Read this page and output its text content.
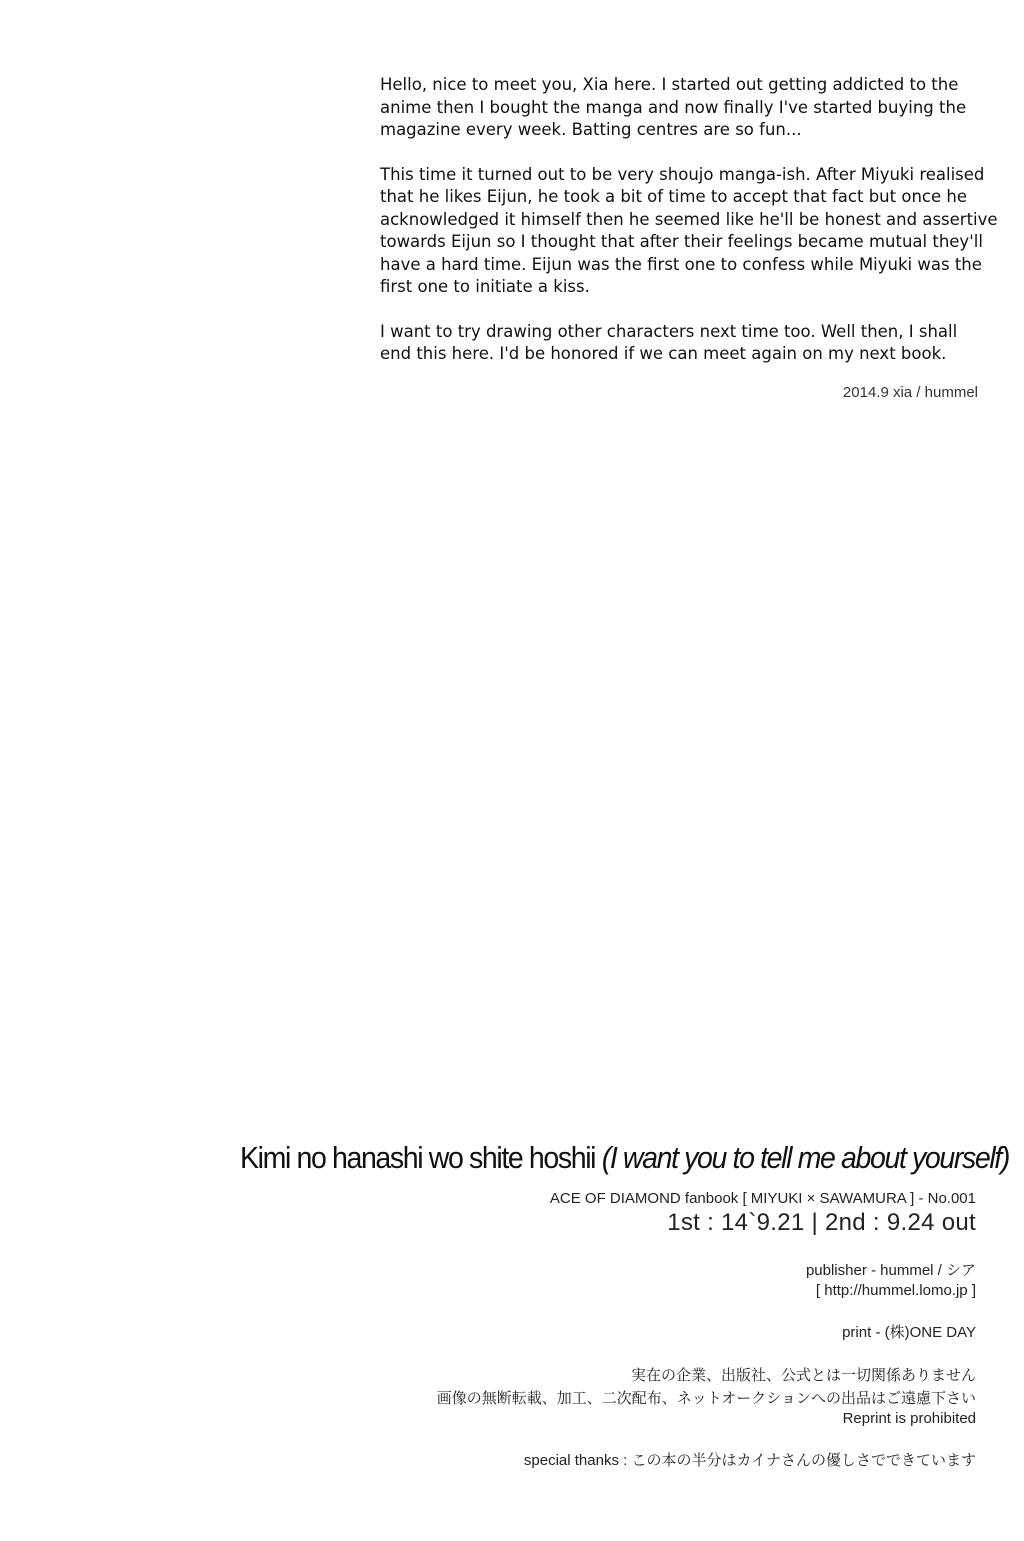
Hello, nice to meet you, Xia here. I started out getting addicted to the
anime then I bought the manga and now finally I've started buying the
magazine every week. Batting centres are so fun...

This time it turned out to be very shoujo manga-ish. After Miyuki realised
that he likes Eijun, he took a bit of time to accept that fact but once he
acknowledged it himself then he seemed like he'll be honest and assertive
towards Eijun so I thought that after their feelings became mutual they'll
have a hard time. Eijun was the first one to confess while Miyuki was the
first one to initiate a kiss.

I want to try drawing other characters next time too. Well then, I shall
end this here. I'd be honored if we can meet again on my next book.

2014.9 xia / hummel
Kimi no hanashi wo shite hoshii (I want you to tell me about yourself)

ACE OF DIAMOND fanbook [ MIYUKI × SAWAMURA ] - No.001

1st : 14`9.21 | 2nd : 9.24 out

publisher - hummel / シア

[ http://hummel.lomo.jp ]

print - (株)ONE DAY

実在の企業、出版社、公式とは一切関係ありません

画像の無断転載、加工、二次配布、ネットオークションへの出品はご遠慮下さい

Reprint is prohibited

special thanks : この本の半分はカイナさんの優しさでできています
